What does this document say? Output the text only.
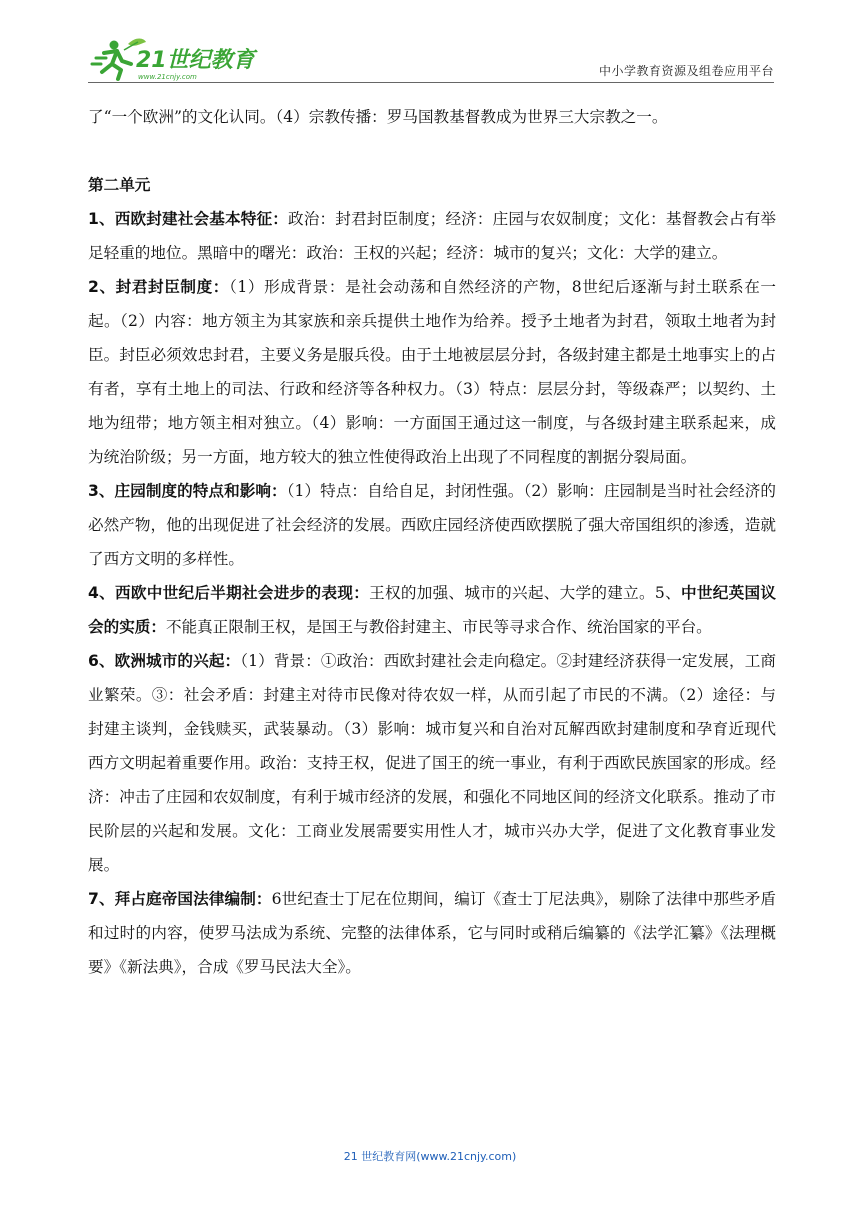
21世纪教育
www.21cnjy.com	中小学教育资源及组卷应用平台

了“一个欧洲”的文化认同。（4）宗教传播：罗马国教基督教成为世界三大宗教之一。

第二单元

1、西欧封建社会基本特征：政治：封君封臣制度；经济：庄园与农奴制度；文化：基督教会占有举足轻重的地位。黑暗中的曙光：政治：王权的兴起；经济：城市的复兴；文化：大学的建立。

2、封君封臣制度：（1）形成背景：是社会动荡和自然经济的产物，8世纪后逐渐与封土联系在一起。（2）内容：地方领主为其家族和亲兵提供土地作为给养。授予土地者为封君，领取土地者为封臣。封臣必须效忠封君，主要义务是服兵役。由于土地被层层分封，各级封建主都是土地事实上的占有者，享有土地上的司法、行政和经济等各种权力。（3）特点：层层分封，等级森严；以契约、土地为纽带；地方领主相对独立。（4）影响：一方面国王通过这一制度，与各级封建主联系起来，成为统治阶级；另一方面，地方较大的独立性使得政治上出现了不同程度的割据分裂局面。

3、庄园制度的特点和影响：（1）特点：自给自足，封闭性强。（2）影响：庄园制是当时社会经济的必然产物，他的出现促进了社会经济的发展。西欧庄园经济使西欧摆脱了强大帝国组织的渗透，造就了西方文明的多样性。

4、西欧中世纪后半期社会进步的表现：王权的加强、城市的兴起、大学的建立。5、中世纪英国议会的实质：不能真正限制王权，是国王与教俗封建主、市民等寻求合作、统治国家的平台。

6、欧洲城市的兴起：（1）背景：①政治：西欧封建社会走向稳定。②封建经济获得一定发展，工商业繁荣。③：社会矛盾：封建主对待市民像对待农奴一样，从而引起了市民的不满。（2）途径：与封建主谈判，金钱赎买，武装暴动。（3）影响：城市复兴和自治对瓦解西欧封建制度和孕育近现代西方文明起着重要作用。政治：支持王权，促进了国王的统一事业，有利于西欧民族国家的形成。经济：冲击了庄园和农奴制度，有利于城市经济的发展，和强化不同地区间的经济文化联系。推动了市民阶层的兴起和发展。文化：工商业发展需要实用性人才，城市兴办大学，促进了文化教育事业发展。

7、拜占庭帝国法律编制：6世纪查士丁尼在位期间，编订《查士丁尼法典》，剔除了法律中那些矛盾和过时的内容，使罗马法成为系统、完整的法律体系，它与同时或稍后编纂的《法学汇纂》《法理概要》《新法典》，合成《罗马民法大全》。

21 世纪教育网(www.21cnjy.com)
